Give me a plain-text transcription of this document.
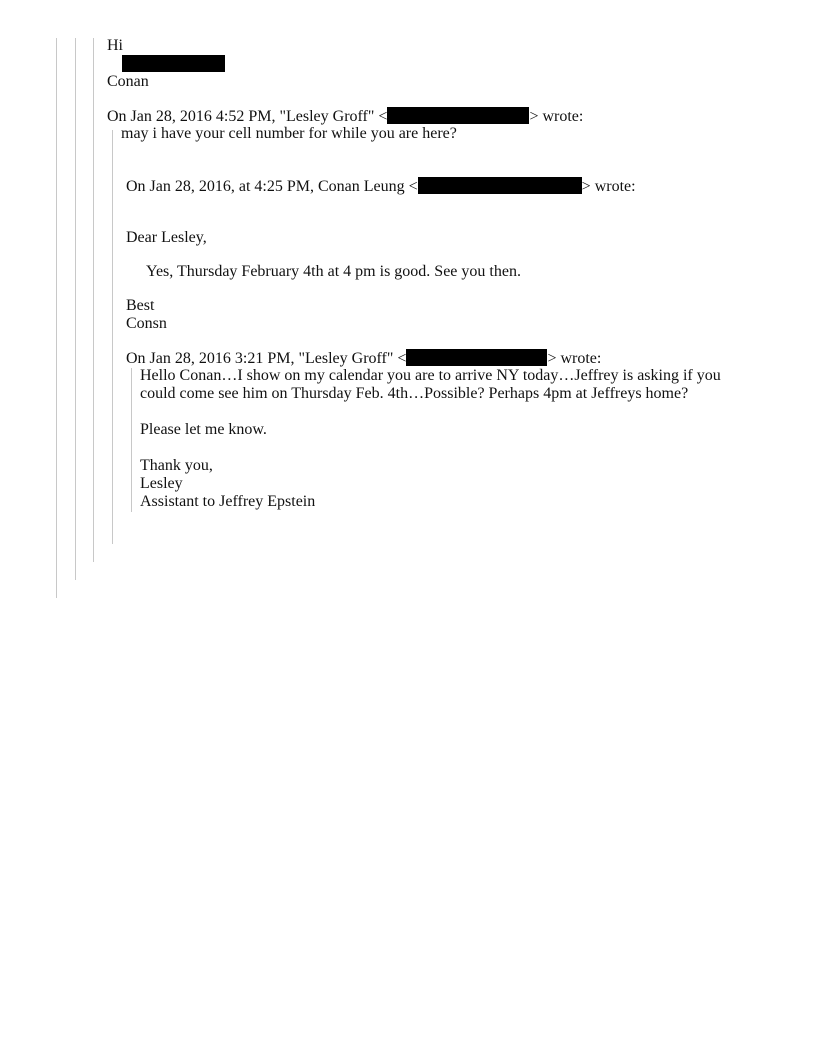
Hi
Conan
On Jan 28, 2016 4:52 PM, "Lesley Groff" <	> wrote:
may i have your cell number for while you are here?
On Jan 28, 2016, at 4:25 PM, Conan Leung <	> wrote:
Dear Lesley,
Yes, Thursday February 4th at 4 pm is good. See you then.
Best
Consn
On Jan 28, 2016 3:21 PM, "Lesley Groff" <	> wrote:
Hello Conan…I show on my calendar you are to arrive NY today…Jeffrey is asking if you
could come see him on Thursday Feb. 4th…Possible? Perhaps 4pm at Jeffreys home?
Please let me know.
Thank you,
Lesley
Assistant to Jeffrey Epstein
